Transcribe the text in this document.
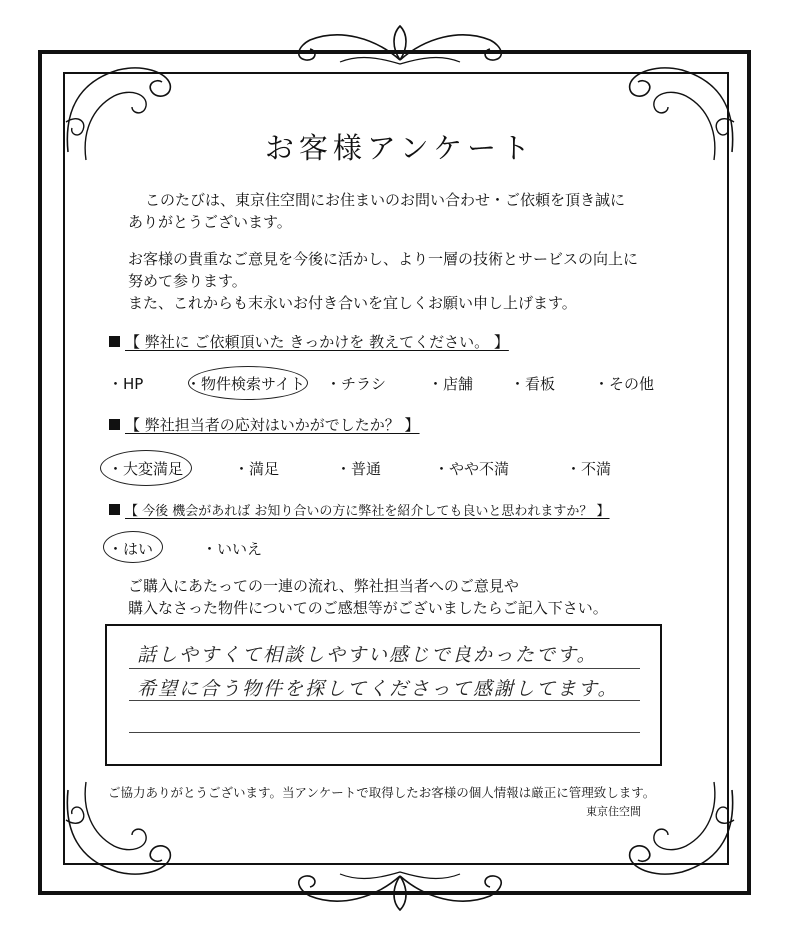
お客様アンケート
このたびは、東京住空間にお住まいのお問い合わせ・ご依頼を頂き誠に
ありがとうございます。
お客様の貴重なご意見を今後に活かし、より一層の技術とサービスの向上に
努めて参ります。
また、これからも末永いお付き合いを宜しくお願い申し上げます。
【 弊社に ご依頼頂いた きっかけを 教えてください。 】
・HP	・物件検索サイト ・チラシ	・店舗 ・看板	・その他
【 弊社担当者の応対はいかがでしたか？ 】
・大変満足	・満足	・普通	・やや不満	・不満
【 今後 機会があれば お知り合いの方に弊社を紹介しても良いと思われますか？ 】
・はい	・いいえ
ご購入にあたっての一連の流れ、弊社担当者へのご意見や
購入なさった物件についてのご感想等がございましたらご記入下さい。
話しやすくて相談しやすい感じで良かったです。
希望に合う物件を探してくださって感謝してます。
ご協力ありがとうございます。当アンケートで取得したお客様の個人情報は厳正に管理致します。
東京住空間
